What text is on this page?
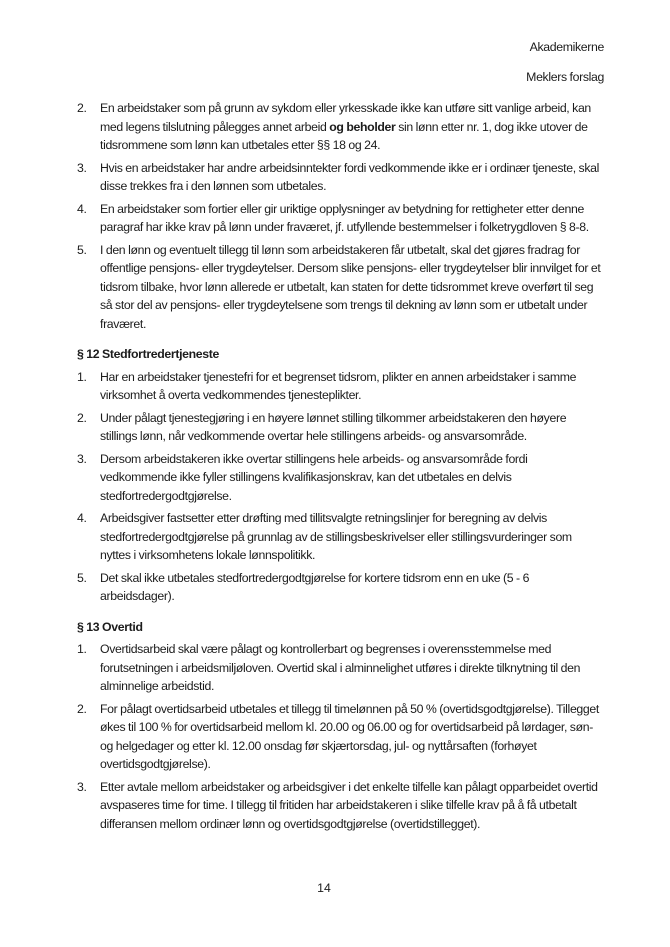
Akademikerne
Meklers forslag
2.	En arbeidstaker som på grunn av sykdom eller yrkesskade ikke kan utføre sitt vanlige arbeid, kan med legens tilslutning pålegges annet arbeid og beholder sin lønn etter nr. 1, dog ikke utover de tidsrommene som lønn kan utbetales etter §§ 18 og 24.
3.	Hvis en arbeidstaker har andre arbeidsinntekter fordi vedkommende ikke er i ordinær tjeneste, skal disse trekkes fra i den lønnen som utbetales.
4.	En arbeidstaker som fortier eller gir uriktige opplysninger av betydning for rettigheter etter denne paragraf har ikke krav på lønn under fraværet, jf. utfyllende bestemmelser i folketrygdloven § 8-8.
5.	I den lønn og eventuelt tillegg til lønn som arbeidstakeren får utbetalt, skal det gjøres fradrag for offentlige pensjons- eller trygdeytelser. Dersom slike pensjons- eller trygdeytelser blir innvilget for et tidsrom tilbake, hvor lønn allerede er utbetalt, kan staten for dette tidsrommet kreve overført til seg så stor del av pensjons- eller trygdeytelsene som trengs til dekning av lønn som er utbetalt under fraværet.
§ 12 Stedfortredertjeneste
1.	Har en arbeidstaker tjenestefri for et begrenset tidsrom, plikter en annen arbeidstaker i samme virksomhet å overta vedkommendes tjenesteplikter.
2.	Under pålagt tjenestegjøring i en høyere lønnet stilling tilkommer arbeidstakeren den høyere stillings lønn, når vedkommende overtar hele stillingens arbeids- og ansvarsområde.
3.	Dersom arbeidstakeren ikke overtar stillingens hele arbeids- og ansvarsområde fordi vedkommende ikke fyller stillingens kvalifikasjonskrav, kan det utbetales en delvis stedfortredergodtgjørelse.
4.	Arbeidsgiver fastsetter etter drøfting med tillitsvalgte retningslinjer for beregning av delvis stedfortredergodtgjørelse på grunnlag av de stillingsbeskrivelser eller stillingsvurderinger som nyttes i virksomhetens lokale lønnspolitikk.
5.	Det skal ikke utbetales stedfortredergodtgjørelse for kortere tidsrom enn en uke (5 - 6 arbeidsdager).
§ 13 Overtid
1.	Overtidsarbeid skal være pålagt og kontrollerbart og begrenses i overensstemmelse med forutsetningen i arbeidsmiljøloven. Overtid skal i alminnelighet utføres i direkte tilknytning til den alminnelige arbeidstid.
2.	For pålagt overtidsarbeid utbetales et tillegg til timelønnen på 50 % (overtidsgodtgjørelse). Tillegget økes til 100 % for overtidsarbeid mellom kl. 20.00 og 06.00 og for overtidsarbeid på lørdager, søn- og helgedager og etter kl. 12.00 onsdag før skjærtorsdag, jul- og nyttårsaften (forhøyet overtidsgodtgjørelse).
3.	Etter avtale mellom arbeidstaker og arbeidsgiver i det enkelte tilfelle kan pålagt opparbeidet overtid avspaseres time for time. I tillegg til fritiden har arbeidstakeren i slike tilfelle krav på å få utbetalt differansen mellom ordinær lønn og overtidsgodtgjørelse (overtidstillegget).
14
